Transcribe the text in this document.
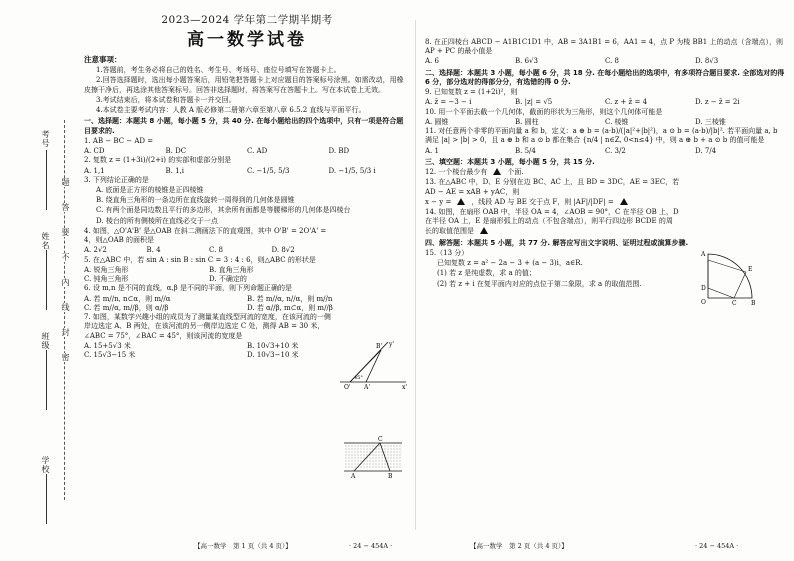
考号
姓名
班级
学校
题
答
要
不
内
线
封
密
2023—2024 学年第二学期半期考
高一数学试卷
注意事项：

1.答题前，考生务必将自己的姓名、考生号、考场号、座位号填写在答题卡上。

2.回答选择题时，选出每小题答案后，用铅笔把答题卡上对应题目的答案标号涂黑。如需改动，用橡皮擦干净后，再选涂其他答案标号。回答非选择题时，将答案写在答题卡上。写在本试卷上无效。

3.考试结束后，将本试卷和答题卡一并交回。

4.本试卷主要考试内容：人教 A 版必修第二册第六章至第八章 6.5.2 直线与平面平行。

一、选择题：本题共 8 小题，每小题 5 分，共 40 分. 在每小题给出的四个选项中，只有一项是符合题目要求的.

1. AB − BC − AD =

A. CD	B. DC	C. AD	D. BD

2. 复数 z = (1+3i)/(2+i) 的实部和虚部分别是

A. 1,1	B. 1,i	C. −1/5, 5/3	D. −1/5, 5/3 i

3. 下列结论正确的是

A. 底面是正方形的棱锥是正四棱锥

B. 绕直角三角形的一条边所在直线旋转一周得到的几何体是圆锥

C. 有两个面是同边数且平行的多边形，其余所有面都是等腰梯形的几何体是四棱台

D. 棱台的所有侧棱所在直线必交于一点

4. 如图，△O'A'B' 是△OAB 在斜二测画法下的直观图，其中 O'B' = 2O'A' = 4，则△OAB 的面积是

A. 2√2	B. 4	C. 8	D. 8√2

5. 在△ABC 中，若 sin A : sin B : sin C = 3 : 4 : 6，则△ABC 的形状是

A. 锐角三角形	B. 直角三角形
C. 钝角三角形	D. 不确定的

6. 设 m,n 是不同的直线，α,β 是不同的平面，则下列命题正确的是

A. 若 m//n, n⊂α，则 m//α	B. 若 m//α, n//α，则 m//n
C. 若 m//α, m//β，则 α//β	D. 若 α//β, m⊂α，则 m//β

7. 如图，某数学兴趣小组的成员为了测量某直线型河流的宽度，在该河流的一侧岸边选定 A、B 两处，在该河流的另一侧岸边选定 C 处，测得 AB = 30 米，∠ABC = 75°，∠BAC = 45°，则该河流的宽度是

A. 15+5√3 米	B. 10√3+10 米
C. 15√3−15 米	D. 10√3−10 米
【高一数学　第 1 页（共 4 页）】	· 24 − 454A ·
B' y'
O' A'	x'
45°
C
A	B

8. 在正四棱台 ABCD − A1B1C1D1 中，AB = 3A1B1 = 6，AA1 = 4，点 P 为棱 BB1 上的动点（含端点），则 AP + PC 的最小值是

A. 6	B. 6√3	C. 8	D. 8√3

二、选择题：本题共 3 小题，每小题 6 分，共 18 分. 在每小题给出的选项中，有多项符合题目要求. 全部选对的得 6 分，部分选对的得部分分，有选错的得 0 分.

9. 已知复数 z = (1+2i)²，则

A. z̄ = −3 − i	B. |z| = √5	C. z + z̄ = 4	D. z − z̄ = 2i

10. 用一个平面去截一个几何体，截面的形状为三角形，则这个几何体可能是

A. 圆锥	B. 圆柱	C. 棱锥	D. 三棱锥

11. 对任意两个非零的平面向量 a 和 b，定义：a ⊕ b = (a·b)/(|a|²+|b|²)，a ⊙ b = (a·b)/|b|². 若平面向量 a, b 满足 |a| > |b| > 0，且 a ⊕ b 和 a ⊙ b 都在集合 {n/4 | n∈Z, 0<n≤4} 中，则 a ⊕ b + a ⊙ b 的值可能是

A. 1	B. 5/4	C. 3/2	D. 7/4

三、填空题：本题共 3 小题，每小题 5 分，共 15 分.

12. 一个棱台最少有	个面.

13. 在△ABC 中，D、E 分别在边 BC、AC 上，且 BD = 3DC，AE = 3EC，若 AD − AE = xAB + yAC，则

x − y =	，线段 AD 与 BE 交于点 F，则 |AF|/|DF| =

14. 如图，在扇形 OAB 中，半径 OA = 4，∠AOB = 90°，C 在半径 OB 上，D 在半径 OA 上，E 是扇形弧上的动点（不包含端点），则平行四边形 BCDE 的周

长的取值范围是

四、解答题：本题共 5 小题，共 77 分. 解答应写出文字说明、证明过程或演算步骤.

15.（13 分）

已知复数 z = a² − 2a − 3 + (a − 3)i，a∈R.

(1) 若 z 是纯虚数，求 a 的值；

(2) 若 z + i 在复平面内对应的点位于第二象限，求 a 的取值范围.

【高一数学　第 2 页（共 4 页）】	· 24 − 454A ·
A
D
E
O	C B
